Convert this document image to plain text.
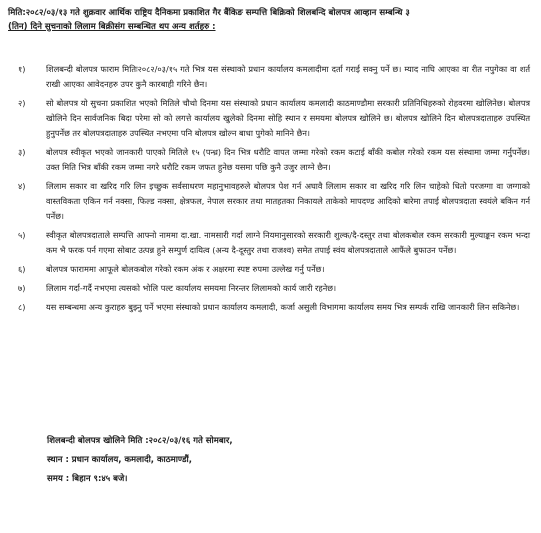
मिति:२०८२/०३/१३ गते शुक्रवार आर्थिक राष्ट्रिय दैनिकमा प्रकाशित गैर बैंकिङ सम्पत्ति बिक्रिको शिलबन्दि बोलपत्र आव्हान सम्बन्धि ३
(तिन) दिने सुचनाको लिलाम बिक्रीसंग सम्बन्धित थप अन्य शर्तहरु :
१)	शिलबन्दी बोलपत्र फाराम मितिः२०८२/०३/१५ गते भित्र यस संस्थाको प्रधान कार्यालय कमलादीमा दर्ता गराई सक्नु पर्ने छ। म्याद नाघि आएका वा रीत नपुगेका वा शर्त राखी आएका आवेदनहरु उपर कुनै कारबाही गरिने छैन।
२)	सो बोलपत्र यो सुचना प्रकाशित भएको मितिले चौथो दिनमा यस संस्थाको प्रधान कार्यालय कमलादी काठमाण्डौमा सरकारी प्रतिनिधिहरुको रोहवरमा खोलिनेछ। बोलपत्र खोलिने दिन सार्वजनिक बिदा परेमा सो को लगत्ते कार्यालय खुलेको दिनमा सोहि स्थान र समयमा बोलपत्र खोलिने छ। बोलपत्र खोलिने दिन बोलपत्रदाताहरु उपस्थित हुनुपर्नेछ तर बोलपत्रदाताहरु उपस्थित नभएमा पनि बोलपत्र खोल्न बाधा पुगेको मानिने छैन।
३)	बोलपत्र स्वीकृत भएको जानकारी पाएको मितिले १५ (पन्ध्र) दिन भित्र धरौटि वापत जम्मा गरेको रकम कटाई बाँकी कबोल गरेको रकम यस संस्थामा जम्मा गर्नुपर्नेछ। उक्त मिति भित्र बाँकी रकम जम्मा नगरे धरौटि रकम जफत हुनेछ यसमा पछि कुनै उजुर लाग्ने छैन।
४)	लिलाम सकार वा खरिद गरि लिन इच्छुक सर्वसाधरण महानुभावहरुले बोलपत्र पेश गर्न अघावै लिलाम सकार वा खरिद गरि लिन चाहेको धितो परजग्गा वा जग्गाको वास्तविकता एकिन गर्न नक्सा, फिल्ड नक्सा, क्षेत्रफल, नेपाल सरकार तथा मातहतका निकायले ताकेको मापदण्ड आदिको बारेमा तपाई बोलपत्रदाता स्वयंले बकिन गर्न पर्नेछ।
५)	स्वीकृत बोलपत्रदाताले सम्पत्ति आफ्नो नाममा दा.खा. नामसारी गर्दा लाग्ने नियमानुसारको सरकारी शुल्क/दै-दस्तुर तथा बोलकबोल रकम सरकारी मुल्याङ्कन रकम भन्दा कम भै फरक पर्न गएमा सोबाट उत्पन्न हुने सम्पुर्ण दायित्व (अन्य दै-दूस्तुर तथा राजश्व) समेत तपाई स्वंय बोलपत्रदाताले आफैंले बुफाउन पर्नेछ।
६)	बोलपत्र फाराममा आफूले बोलकबोल गरेको रकम अंक र अक्षरमा स्पष्ट रुपमा उल्लेख गर्नु पर्नेछ।
७)	लिलाम गर्दा-गर्दै नभएमा त्यसको भोलि पल्ट कार्यालय समयमा निरन्तर लिलामको कार्य जारी रहनेछ।
८)	यस सम्बन्धमा अन्य कुराहरु बुझ्नु पर्ने भएमा संस्थाको प्रधान कार्यालय कमलादी, कर्जा असुली विभागमा कार्यालय समय भित्र सम्पर्क राखि जानकारी लिन सकिनेछ।
शिलबन्दी बोलपत्र खोलिने मिति :२०८२/०३/१६ गते सोमबार,
स्थान : प्रधान कार्यालय, कमलादी, काठमाण्डौं,
समय : बिहान ९:४५ बजे।
